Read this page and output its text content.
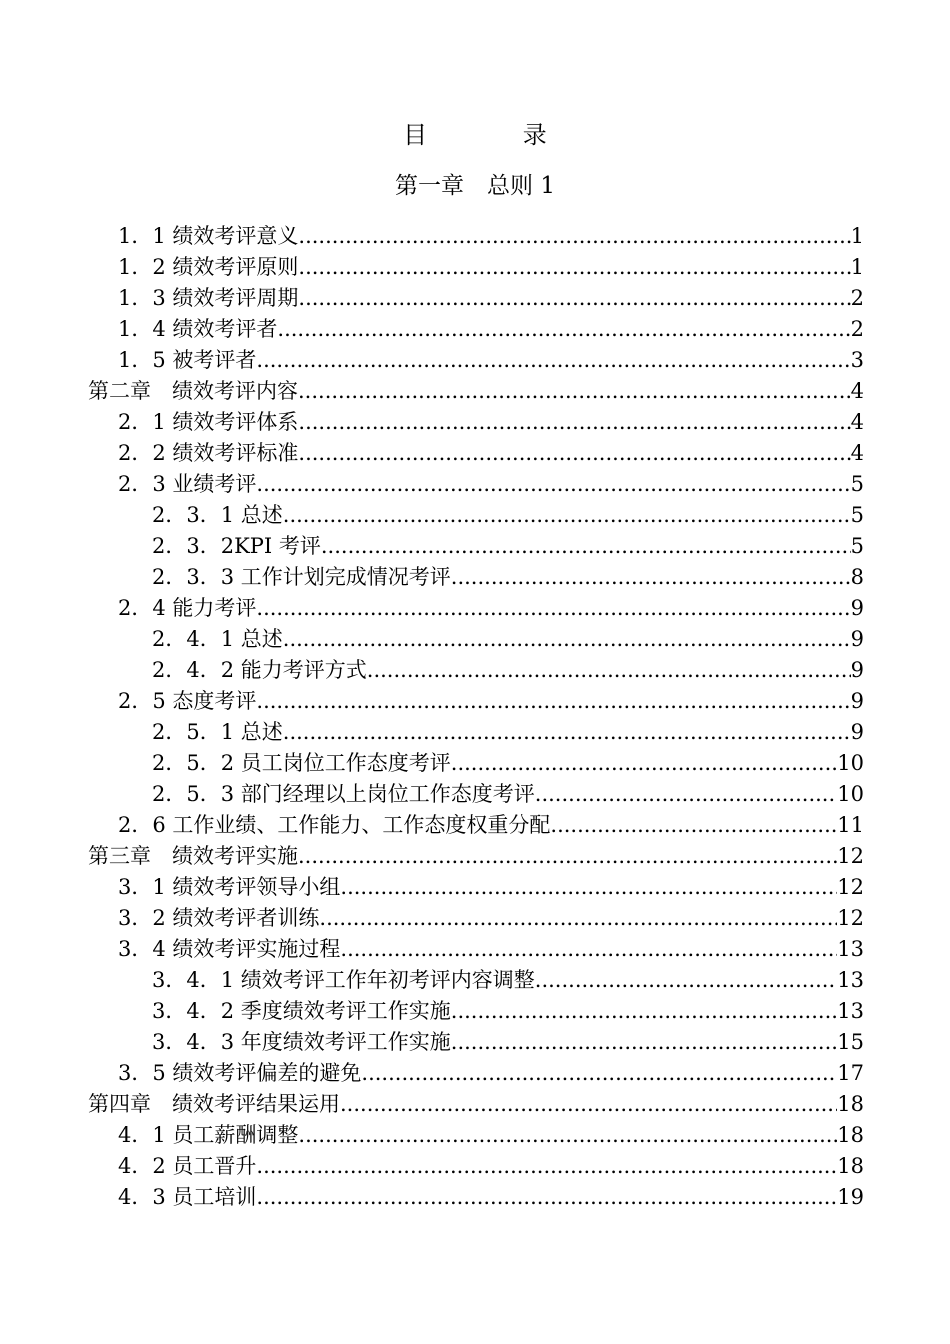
目 录
第一章　总则 1
1．1 绩效考评意义 .....	1
1．2 绩效考评原则 .....	1
1．3 绩效考评周期 .....	2
1．4 绩效考评者 .....	2
1．5 被考评者 .....	3
第二章　绩效考评内容 .....	4
2．1 绩效考评体系 .....	4
2．2 绩效考评标准 .....	4
2．3 业绩考评 .....	5
2．3．1 总述 .....	5
2．3．2KPI 考评 .....	5
2．3．3 工作计划完成情况考评 .....	8
2．4 能力考评 .....	9
2．4．1 总述 .....	9
2．4．2 能力考评方式 .....	9
2．5 态度考评 .....	9
2．5．1 总述 .....	9
2．5．2 员工岗位工作态度考评 .....	10
2．5．3 部门经理以上岗位工作态度考评 .....	10
2．6 工作业绩、工作能力、工作态度权重分配 .....	11
第三章　绩效考评实施 .....	12
3．1 绩效考评领导小组 .....	12
3．2 绩效考评者训练 .....	12
3．4 绩效考评实施过程 .....	13
3．4．1 绩效考评工作年初考评内容调整 .....	13
3．4．2 季度绩效考评工作实施 .....	13
3．4．3 年度绩效考评工作实施 .....	15
3．5 绩效考评偏差的避免 .....	17
第四章　绩效考评结果运用 .....	18
4．1 员工薪酬调整 .....	18
4．2 员工晋升 .....	18
4．3 员工培训 .....	19
